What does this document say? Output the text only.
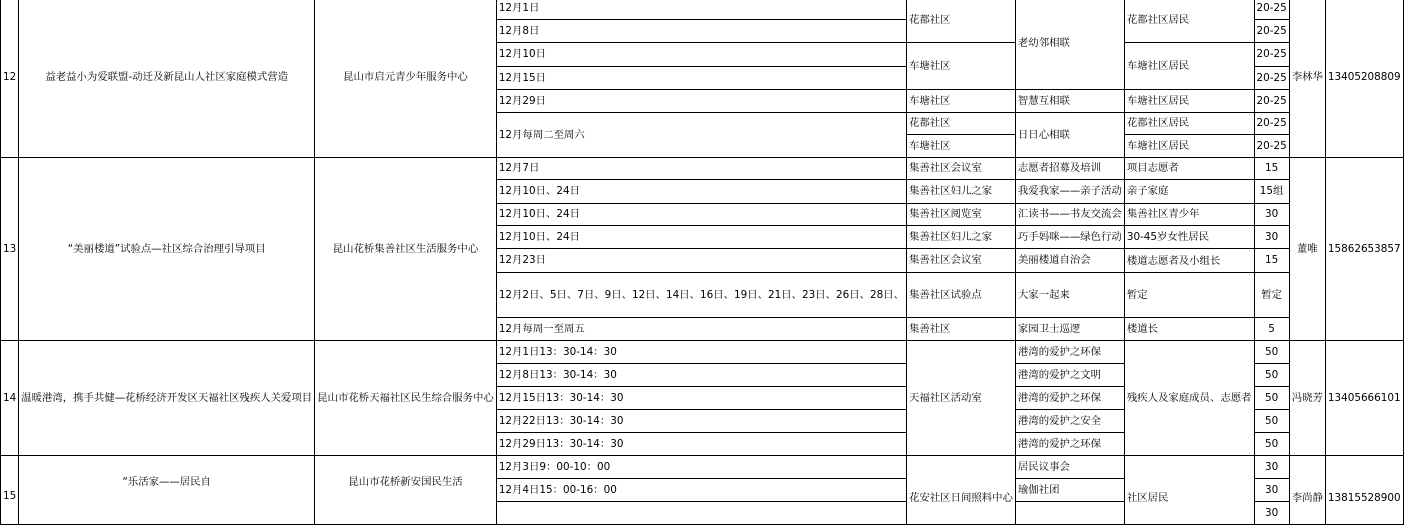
12	益老益小为爱联盟-动迁及新昆山人社区家庭模式营造	昆山市启元青少年服务中心	12月1日	花都社区	老幼邻相联	花都社区居民	20-25	李林华	13405208809
			12月8日				20-25		
			12月10日	车塘社区		车塘社区居民	20-25		
			12月15日				20-25		
			12月29日	车塘社区	智慧互相联	车塘社区居民	20-25		
			12月每周二至周六	花都社区	日日心相联	花都社区居民	20-25		
				车塘社区		车塘社区居民	20-25		
13	“美丽楼道”试验点—社区综合治理引导项目	昆山花桥集善社区生活服务中心	12月7日	集善社区会议室	志愿者招募及培训	项目志愿者	15	董唯	15862653857
			12月10日、24日	集善社区妇儿之家	我爱我家——亲子活动	亲子家庭	15组		
			12月10日、24日	集善社区阅览室	汇读书——书友交流会	集善社区青少年	30		
			12月10日、24日	集善社区妇儿之家	巧手妈咪——绿色行动	30-45岁女性居民	30		
			12月23日	集善社区会议室	美丽楼道自治会	楼道志愿者及小组长	15		
			12月2日、5日、7日、9日、12日、14日、16日、19日、21日、23日、26日、28日、	集善社区试验点	大家一起来	暂定	暂定		
			12月每周一至周五	集善社区	家园卫士巡逻	楼道长	5		
14	温暖港湾，携手共健—花桥经济开发区天福社区残疾人关爱项目	昆山市花桥天福社区民生综合服务中心	12月1日13：30-14：30	天福社区活动室	港湾的爱护之环保	残疾人及家庭成员、志愿者	50	冯晓芳	13405666101
			12月8日13：30-14：30		港湾的爱护之文明		50		
			12月15日13：30-14：30		港湾的爱护之环保		50		
			12月22日13：30-14：30		港湾的爱护之安全		50		
			12月29日13：30-14：30		港湾的爱护之环保		50		
15	“乐活家——居民自	昆山市花桥新安国民生活	12月3日9：00-10：00	花安社区日间照料中心	居民议事会	社区居民	30	李尚静	13815528900
			12月4日15：00-16：00		瑜伽社团		30		
							30		
